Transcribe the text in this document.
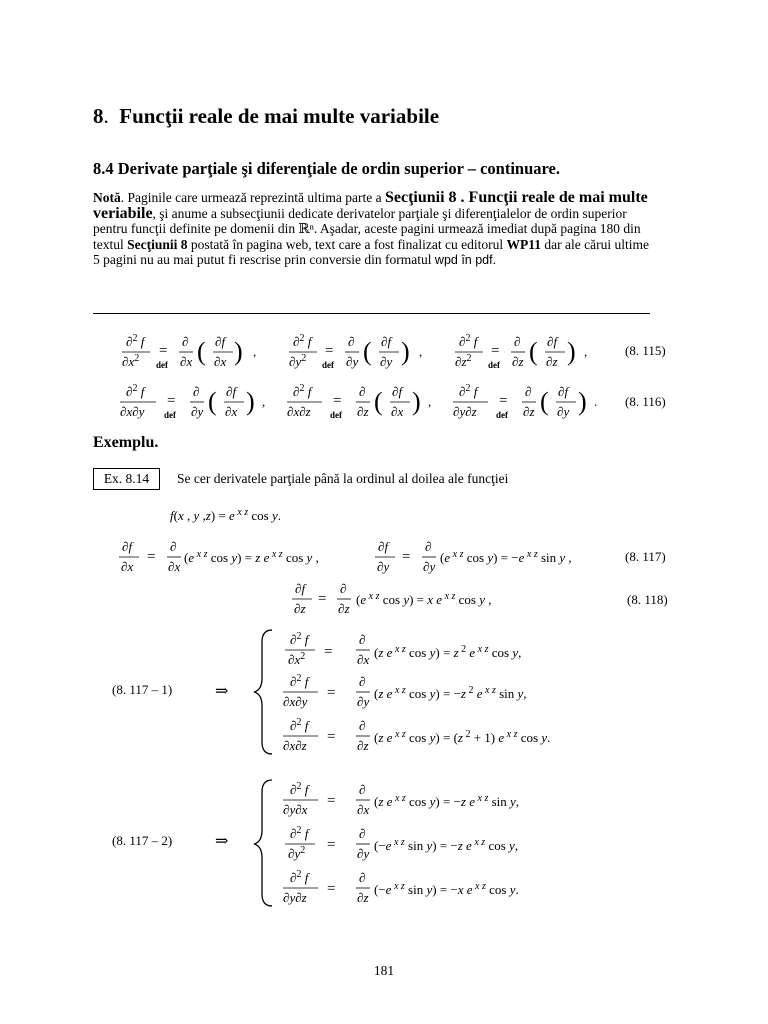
8. Funcţii reale de mai multe variabile
8.4 Derivate parţiale şi diferenţiale de ordin superior – continuare.
Notă. Paginile care urmează reprezintă ultima parte a Secţiunii 8 . Funcţii reale de mai multe veriabile, şi anume a subsecţiunii dedicate derivatelor parţiale şi diferenţialelor de ordin superior pentru funcţii definite pe domenii din ℝⁿ. Aşadar, aceste pagini urmează imediat după pagina 180 din textul Secţiunii 8 postată în pagina web, text care a fost finalizat cu editorul WP11 dar ale cărui ultime 5 pagini nu au mai putut fi rescrise prin conversie din formatul wpd în pdf.
Exemplu.
Ex. 8.14	Se cer derivatele parţiale până la ordinul al doilea ale funcţiei
∂$^2$ f
$\partial x^2$ =
def
∂
∂x ( ∂f
∂x ) ,
∂$^2$ f
$\partial y^2$ =
def
∂
∂y ( ∂f
∂y ) ,
∂$^2$ f
$\partial z^2$ =
def
∂
∂z ( ∂f
∂z ) ,	(8. 115)
∂$^2$ f
∂x∂y
=
def
∂
∂y ( ∂f
∂x ) ,
∂$^2$ f
∂x∂z
=
def
∂
∂z ( ∂f
∂x ) ,
∂$^2$ f
∂y∂z
=
def
∂
∂z ( ∂f
∂y ) . (8. 116)
f(x , y ,z) = e $^{x z}$ cos y.
∂f
∂x
=
∂
∂x
(e $^{x z}$ cos y) = z e $^{x z}$ cos y ,
∂f
∂y
=
∂
∂y
(e $^{x z}$ cos y) = −e $^{x z}$ sin y ,	(8. 117)
∂f
∂z
=
∂
∂z
(e $^{x z}$ cos y) = x e $^{x z}$ cos y ,	(8. 118)
(8. 117 – 1)	⇒
∂$^2$ f
$\partial x^2$ =
∂
∂x (z e $^{x z}$ cos y) = z $^2$ e $^{x z}$ cos y,
∂$^2$ f
∂x∂y
=
∂
∂y
(z e $^{x z}$ cos y) = −z $^2$ e $^{x z}$ sin y,
∂$^2$ f
∂x∂z
=
∂
∂z
(z e $^{x z}$ cos y) = (z $^2$ + 1) e $^{x z}$ cos y.
(8. 117 – 2)	⇒
∂$^2$ f
∂y∂x
=
∂
∂x
(z e $^{x z}$ cos y) = −z e $^{x z}$ sin y,
∂$^2$ f
$\partial y^2$ =
∂
∂y
(−e $^{x z}$ sin y) = −z e $^{x z}$ cos y,
∂$^2$ f
∂y∂z
=
∂
∂z
(−e $^{x z}$ sin y) = −x e $^{x z}$ cos y.
181
